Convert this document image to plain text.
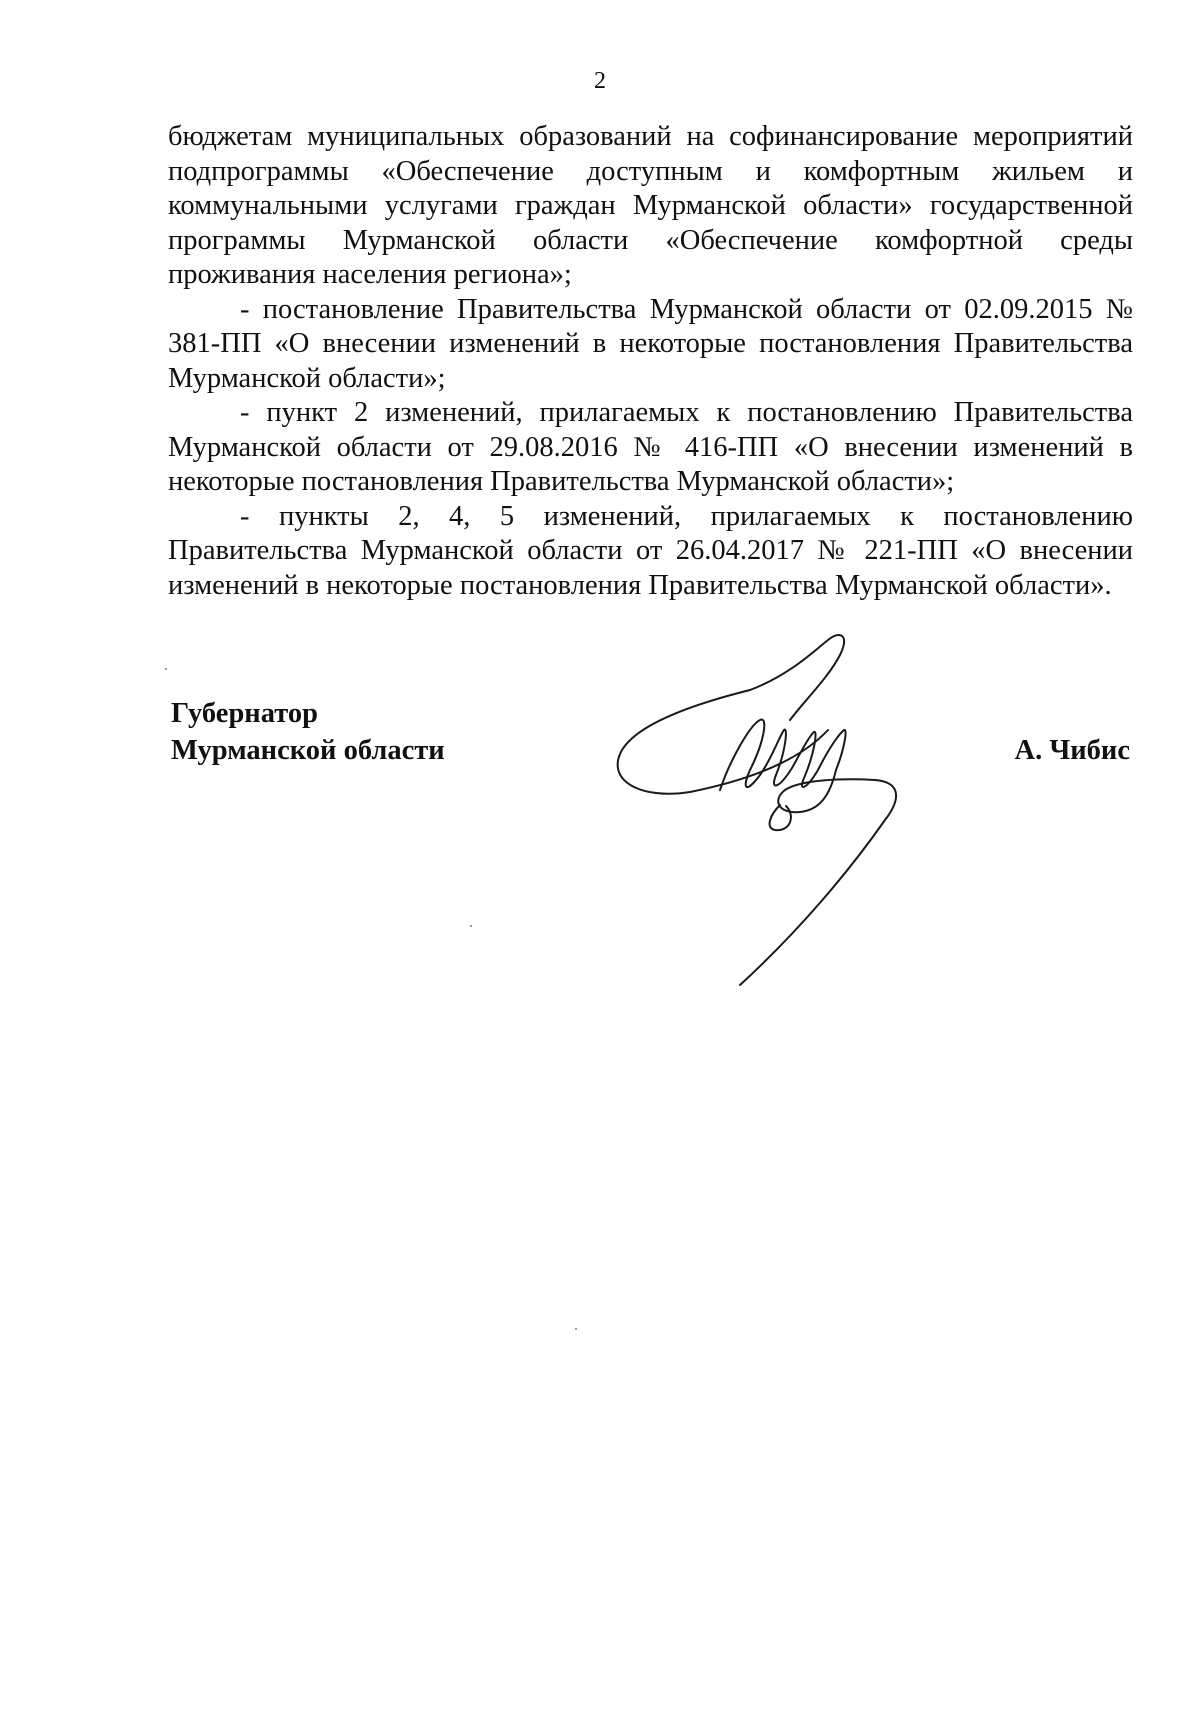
2

бюджетам муниципальных образований на софинансирование мероприятий подпрограммы «Обеспечение доступным и комфортным жильем и коммунальными услугами граждан Мурманской области» государственной программы Мурманской области «Обеспечение комфортной среды проживания населения региона»;

- постановление Правительства Мурманской области от 02.09.2015 № 381-ПП «О внесении изменений в некоторые постановления Правительства Мурманской области»;

- пункт 2 изменений, прилагаемых к постановлению Правительства Мурманской области от 29.08.2016 № 416-ПП «О внесении изменений в некоторые постановления Правительства Мурманской области»;

- пункты 2, 4, 5 изменений, прилагаемых к постановлению Правительства Мурманской области от 26.04.2017 № 221-ПП «О внесении изменений в некоторые постановления Правительства Мурманской области».

Губернатор
Мурманской области	А. Чибис
